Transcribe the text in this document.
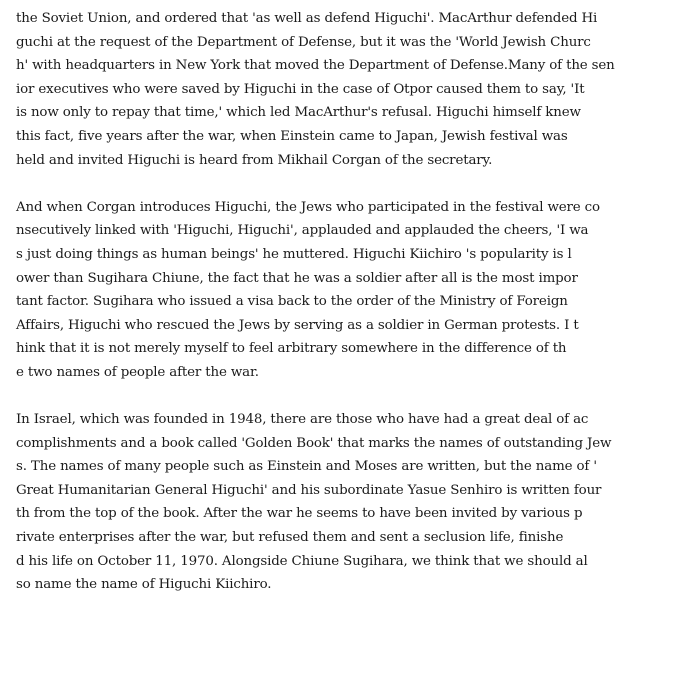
the Soviet Union, and ordered that 'as well as defend Higuchi'. MacArthur defended Hi
guchi at the request of the Department of Defense, but it was the 'World Jewish Churc
h' with headquarters in New York that moved the Department of Defense.Many of the sen
ior executives who were saved by Higuchi in the case of Otpor caused them to say, 'It
is now only to repay that time,' which led MacArthur's refusal. Higuchi himself knew
this fact, five years after the war, when Einstein came to Japan, Jewish festival was
held and invited Higuchi is heard from Mikhail Corgan of the secretary.
And when Corgan introduces Higuchi, the Jews who participated in the festival were co
nsecutively linked with 'Higuchi, Higuchi', applauded and applauded the cheers, 'I wa
s just doing things as human beings' he muttered. Higuchi Kiichiro 's popularity is l
ower than Sugihara Chiune, the fact that he was a soldier after all is the most impor
tant factor. Sugihara who issued a visa back to the order of the Ministry of Foreign
Affairs, Higuchi who rescued the Jews by serving as a soldier in German protests. I t
hink that it is not merely myself to feel arbitrary somewhere in the difference of th
e two names of people after the war.
In Israel, which was founded in 1948, there are those who have had a great deal of ac
complishments and a book called 'Golden Book' that marks the names of outstanding Jew
s. The names of many people such as Einstein and Moses are written, but the name of '
Great Humanitarian General Higuchi' and his subordinate Yasue Senhiro is written four
th from the top of the book. After the war he seems to have been invited by various p
rivate enterprises after the war, but refused them and sent a seclusion life, finishe
d his life on October 11, 1970. Alongside Chiune Sugihara, we think that we should al
so name the name of Higuchi Kiichiro.
